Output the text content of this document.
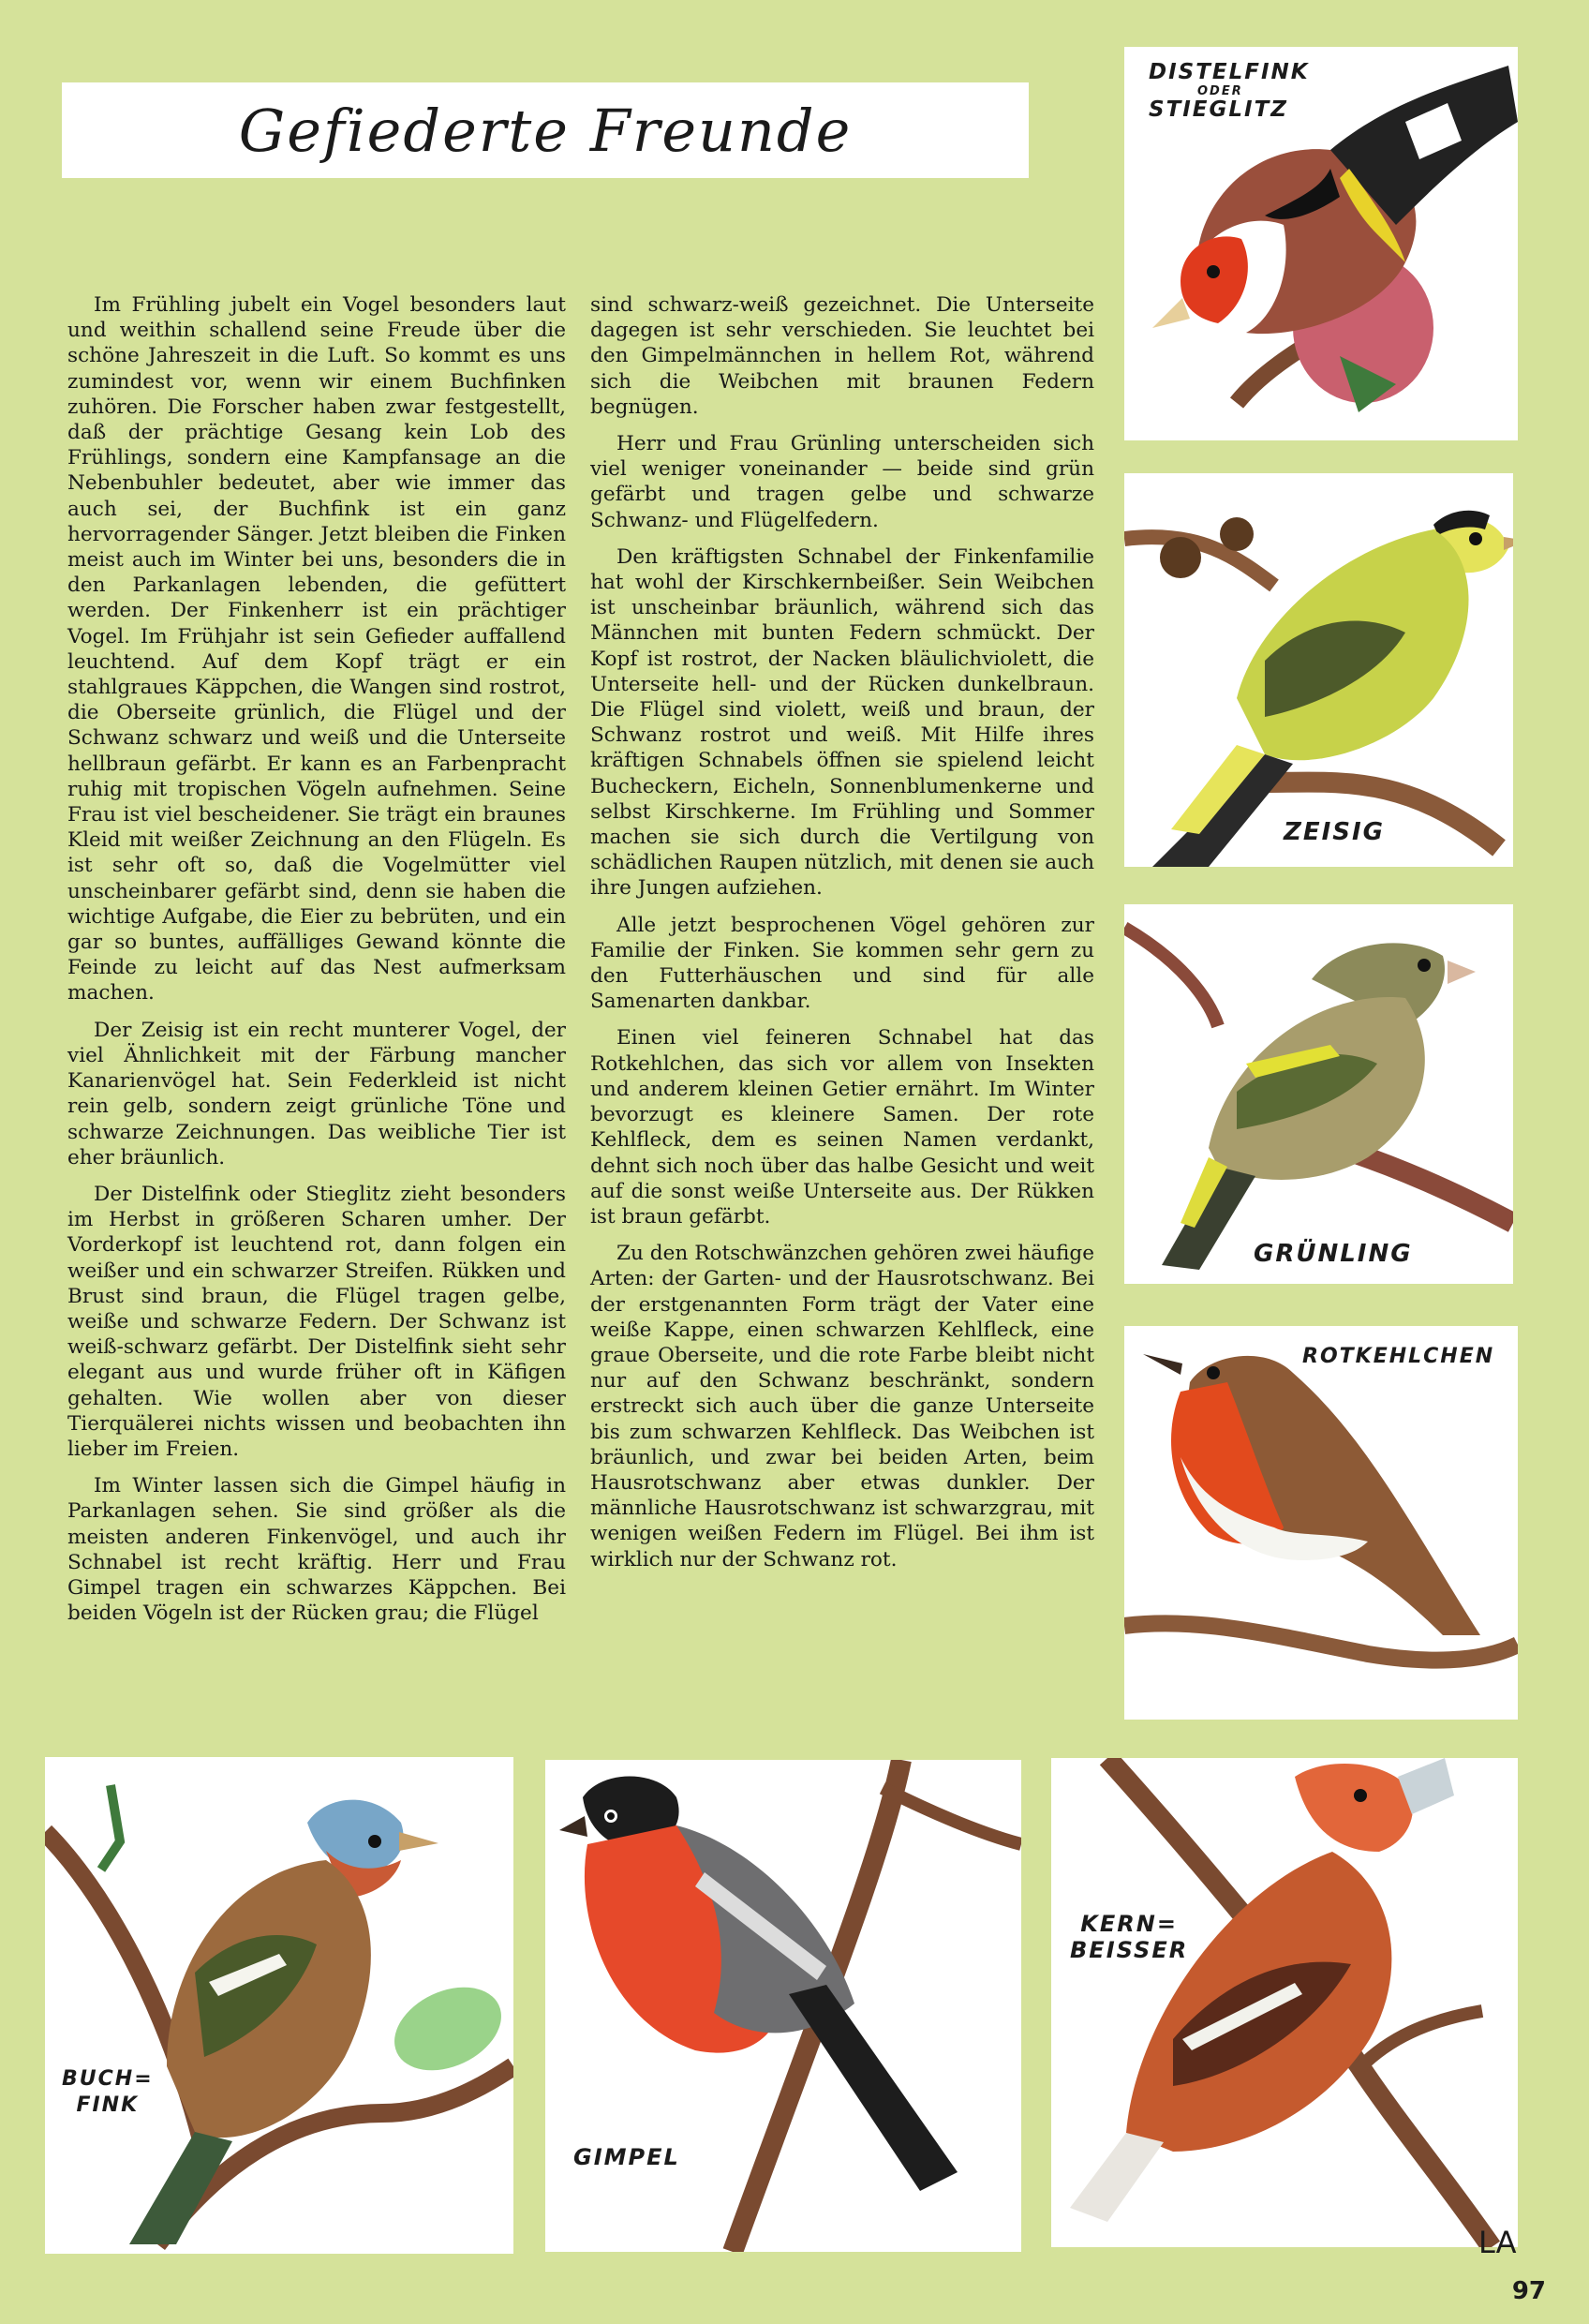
Gefiederte Freunde

Im Frühling jubelt ein Vogel besonders laut und weithin schallend seine Freude über die schöne Jahreszeit in die Luft. So kommt es uns zumindest vor, wenn wir einem Buchfinken zuhören. Die Forscher haben zwar festgestellt, daß der prächtige Gesang kein Lob des Frühlings, sondern eine Kampfansage an die Nebenbuhler bedeutet, aber wie immer das auch sei, der Buchfink ist ein ganz hervorragender Sänger. Jetzt bleiben die Finken meist auch im Winter bei uns, besonders die in den Parkanlagen lebenden, die gefüttert werden. Der Finkenherr ist ein prächtiger Vogel. Im Frühjahr ist sein Gefieder auffallend leuchtend. Auf dem Kopf trägt er ein stahlgraues Käppchen, die Wangen sind rostrot, die Oberseite grünlich, die Flügel und der Schwanz schwarz und weiß und die Unterseite hellbraun gefärbt. Er kann es an Farbenpracht ruhig mit tropischen Vögeln aufnehmen. Seine Frau ist viel bescheidener. Sie trägt ein braunes Kleid mit weißer Zeichnung an den Flügeln. Es ist sehr oft so, daß die Vogelmütter viel unscheinbarer gefärbt sind, denn sie haben die wichtige Aufgabe, die Eier zu bebrüten, und ein gar so buntes, auffälliges Gewand könnte die Feinde zu leicht auf das Nest aufmerksam machen.

Der Zeisig ist ein recht munterer Vogel, der viel Ähnlichkeit mit der Färbung mancher Kanarienvögel hat. Sein Federkleid ist nicht rein gelb, sondern zeigt grünliche Töne und schwarze Zeichnungen. Das weibliche Tier ist eher bräunlich.

Der Distelfink oder Stieglitz zieht besonders im Herbst in größeren Scharen umher. Der Vorderkopf ist leuchtend rot, dann folgen ein weißer und ein schwarzer Streifen. Rükken und Brust sind braun, die Flügel tragen gelbe, weiße und schwarze Federn. Der Schwanz ist weiß-schwarz gefärbt. Der Distelfink sieht sehr elegant aus und wurde früher oft in Käfigen gehalten. Wie wollen aber von dieser Tierquälerei nichts wissen und beobachten ihn lieber im Freien.

Im Winter lassen sich die Gimpel häufig in Parkanlagen sehen. Sie sind größer als die meisten anderen Finkenvögel, und auch ihr Schnabel ist recht kräftig. Herr und Frau Gimpel tragen ein schwarzes Käppchen. Bei beiden Vögeln ist der Rücken grau; die Flügel

sind schwarz-weiß gezeichnet. Die Unterseite dagegen ist sehr verschieden. Sie leuchtet bei den Gimpelmännchen in hellem Rot, während sich die Weibchen mit braunen Federn begnügen.

Herr und Frau Grünling unterscheiden sich viel weniger voneinander — beide sind grün gefärbt und tragen gelbe und schwarze Schwanz- und Flügelfedern.

Den kräftigsten Schnabel der Finkenfamilie hat wohl der Kirschkernbeißer. Sein Weibchen ist unscheinbar bräunlich, während sich das Männchen mit bunten Federn schmückt. Der Kopf ist rostrot, der Nacken bläulichviolett, die Unterseite hell- und der Rücken dunkelbraun. Die Flügel sind violett, weiß und braun, der Schwanz rostrot und weiß. Mit Hilfe ihres kräftigen Schnabels öffnen sie spielend leicht Bucheckern, Eicheln, Sonnenblumenkerne und selbst Kirschkerne. Im Frühling und Sommer machen sie sich durch die Vertilgung von schädlichen Raupen nützlich, mit denen sie auch ihre Jungen aufziehen.

Alle jetzt besprochenen Vögel gehören zur Familie der Finken. Sie kommen sehr gern zu den Futterhäuschen und sind für alle Samenarten dankbar.

Einen viel feineren Schnabel hat das Rotkehlchen, das sich vor allem von Insekten und anderem kleinen Getier ernährt. Im Winter bevorzugt es kleinere Samen. Der rote Kehlfleck, dem es seinen Namen verdankt, dehnt sich noch über das halbe Gesicht und weit auf die sonst weiße Unterseite aus. Der Rükken ist braun gefärbt.

Zu den Rotschwänzchen gehören zwei häufige Arten: der Garten- und der Hausrotschwanz. Bei der erstgenannten Form trägt der Vater eine weiße Kappe, einen schwarzen Kehlfleck, eine graue Oberseite, und die rote Farbe bleibt nicht nur auf den Schwanz beschränkt, sondern erstreckt sich auch über die ganze Unterseite bis zum schwarzen Kehlfleck. Das Weibchen ist bräunlich, und zwar bei beiden Arten, beim Hausrotschwanz aber etwas dunkler. Der männliche Hausrotschwanz ist schwarzgrau, mit wenigen weißen Federn im Flügel. Bei ihm ist wirklich nur der Schwanz rot.

DISTELFINK
ODER
STIEGLITZ
ZEISIG
GRÜNLING
ROTKEHLCHEN
BUCH=
FINK
GIMPEL
KERN=
BEISSER
LA
97
